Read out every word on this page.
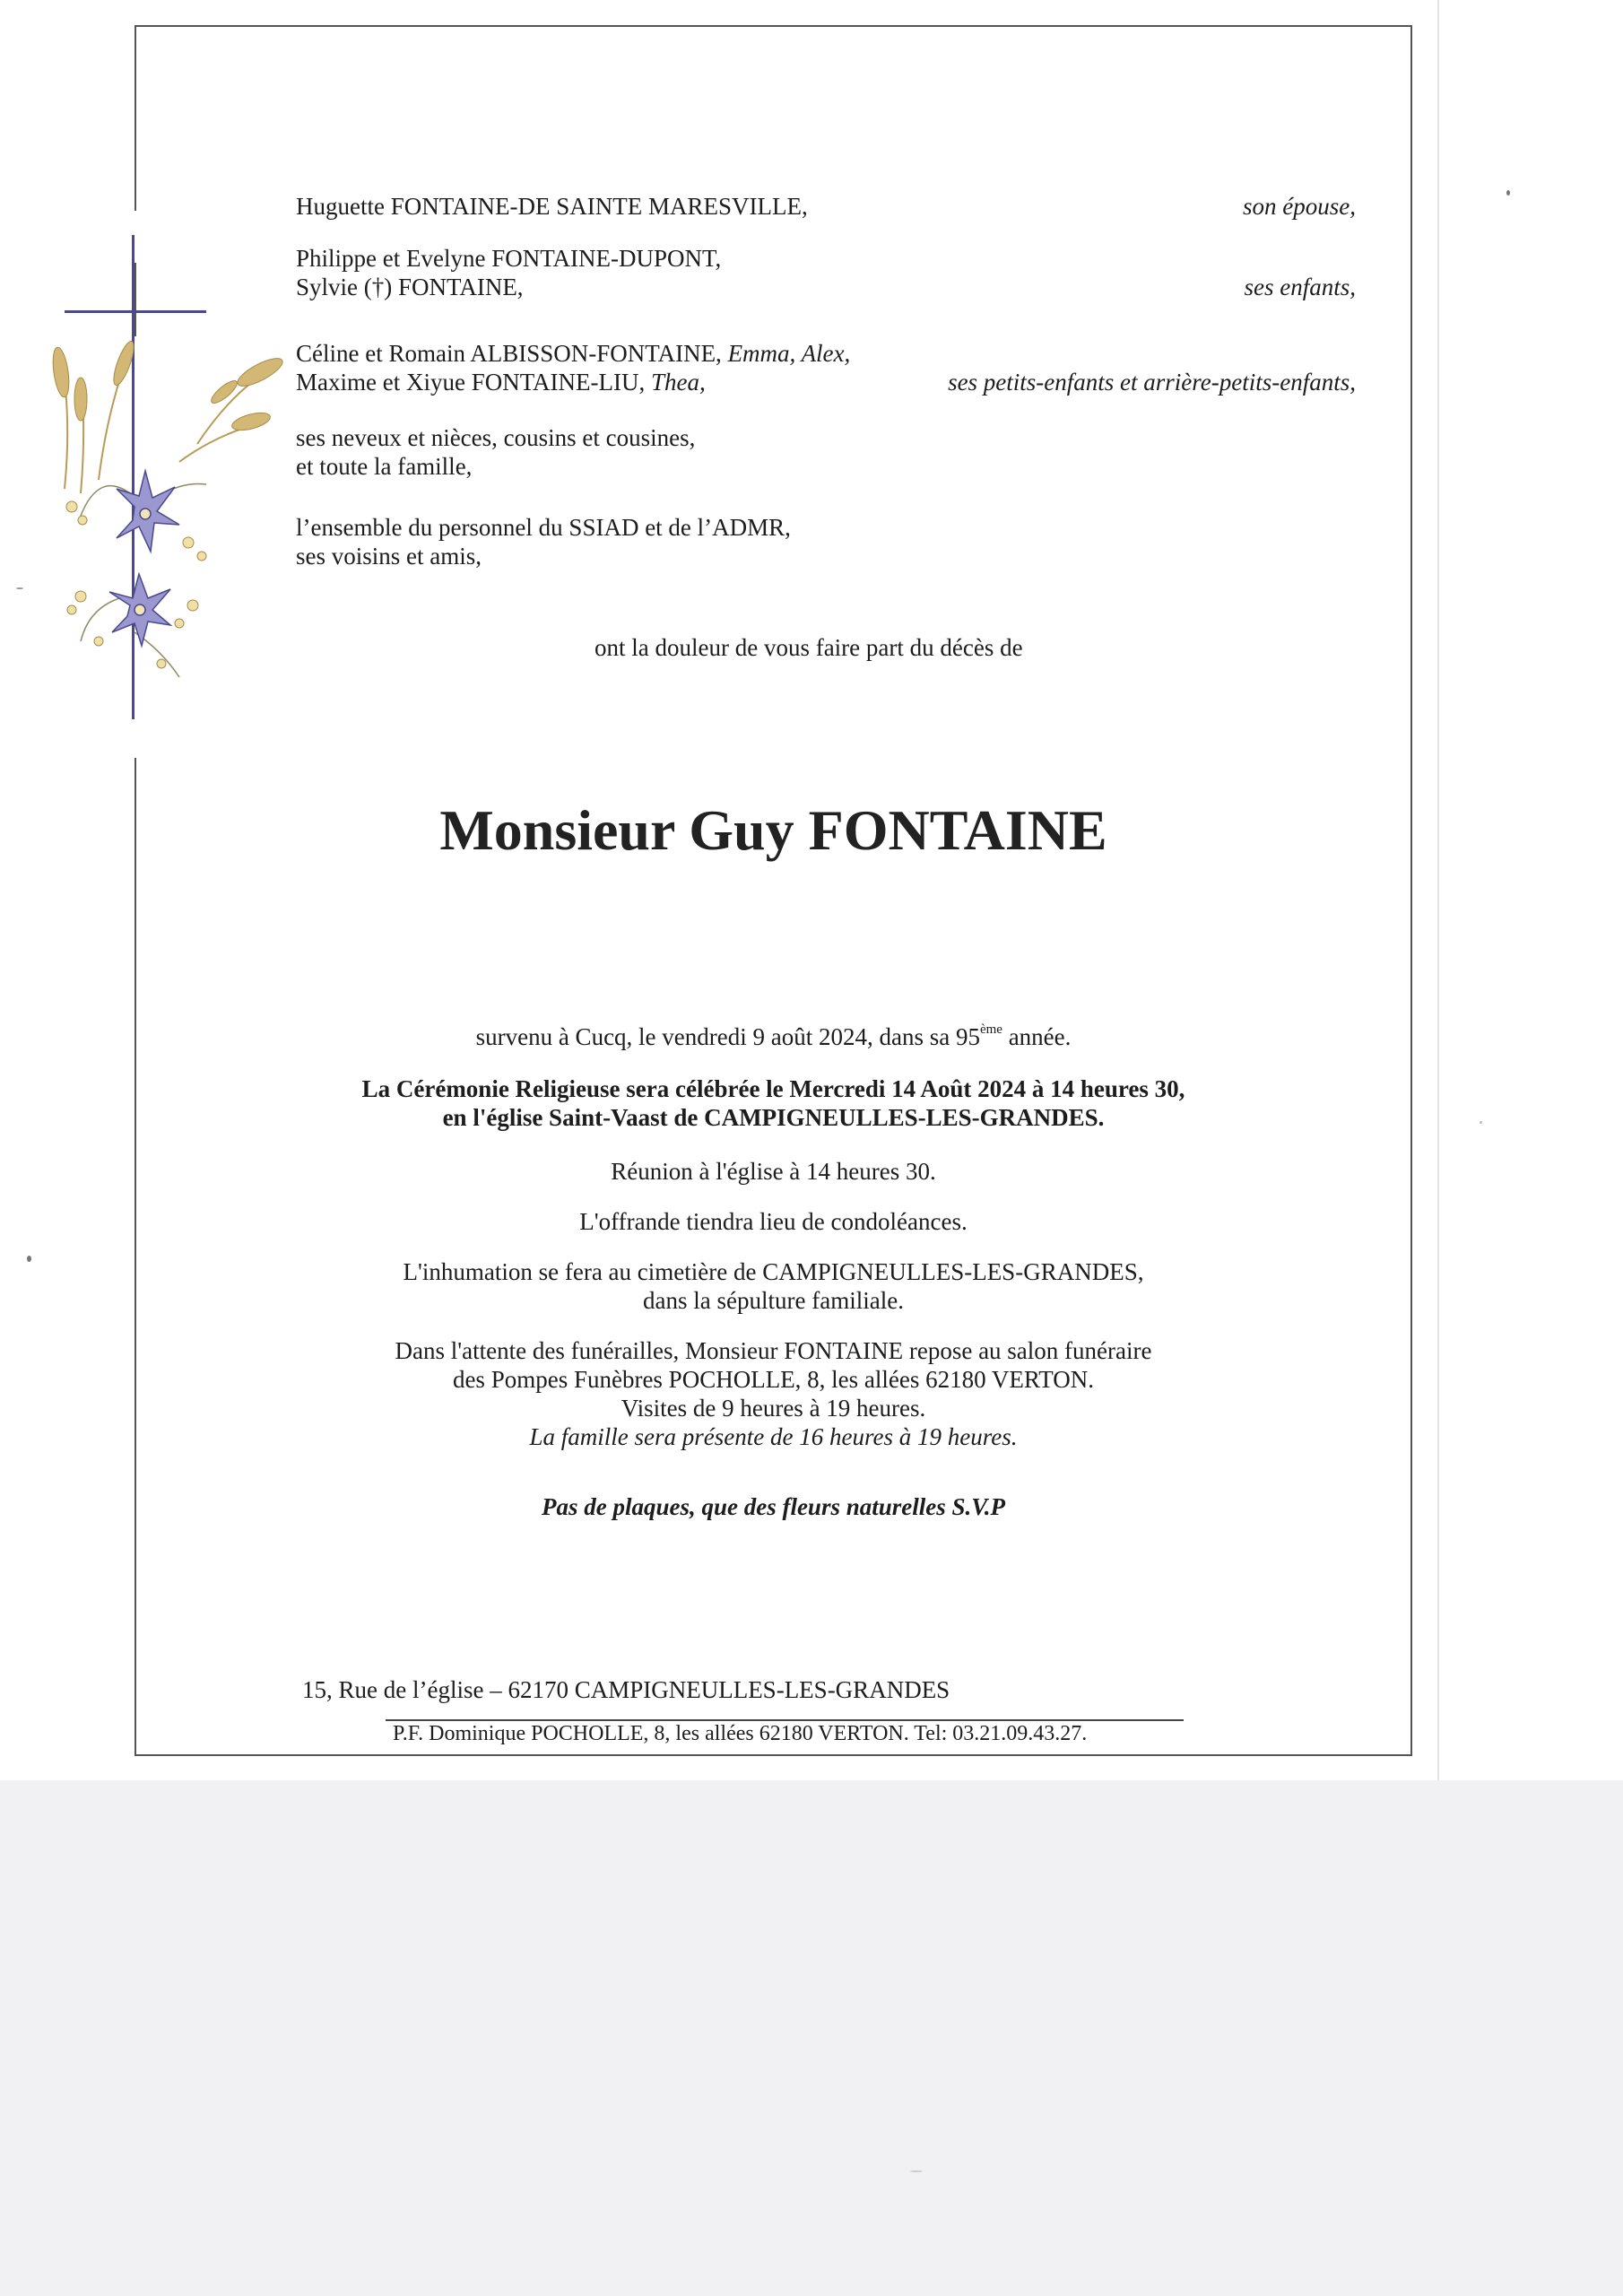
Huguette FONTAINE-DE SAINTE MARESVILLE,	son épouse,
Philippe et Evelyne FONTAINE-DUPONT,
Sylvie (†) FONTAINE,	ses enfants,
Céline et Romain ALBISSON-FONTAINE, Emma, Alex,
Maxime et Xiyue FONTAINE-LIU, Thea,	ses petits-enfants et arrière-petits-enfants,
ses neveux et nièces, cousins et cousines,
et toute la famille,
l’ensemble du personnel du SSIAD et de l’ADMR,
ses voisins et amis,
ont la douleur de vous faire part du décès de
Monsieur Guy FONTAINE
survenu à Cucq, le vendredi 9 août 2024, dans sa 95ème année.
La Cérémonie Religieuse sera célébrée le Mercredi 14 Août 2024 à 14 heures 30,
en l'église Saint-Vaast de CAMPIGNEULLES-LES-GRANDES.
Réunion à l'église à 14 heures 30.
L'offrande tiendra lieu de condoléances.
L'inhumation se fera au cimetière de CAMPIGNEULLES-LES-GRANDES,
dans la sépulture familiale.
Dans l'attente des funérailles, Monsieur FONTAINE repose au salon funéraire
des Pompes Funèbres POCHOLLE, 8, les allées 62180 VERTON.
Visites de 9 heures à 19 heures.
La famille sera présente de 16 heures à 19 heures.
Pas de plaques, que des fleurs naturelles S.V.P
15, Rue de l’église – 62170 CAMPIGNEULLES-LES-GRANDES
P.F. Dominique POCHOLLE, 8, les allées 62180 VERTON. Tel: 03.21.09.43.27.
